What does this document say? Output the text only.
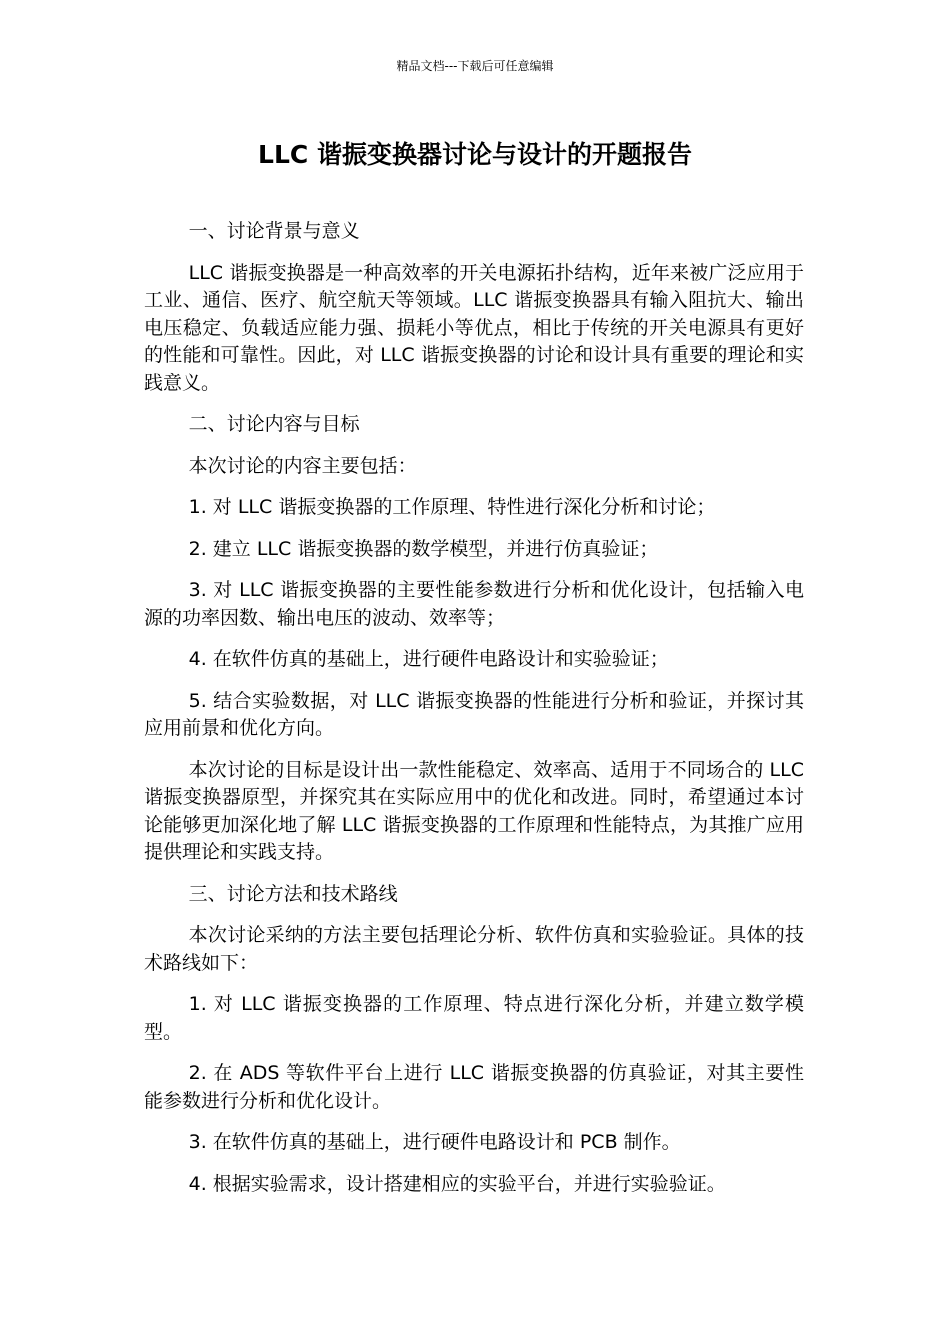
精品文档---下载后可任意编辑
LLC 谐振变换器讨论与设计的开题报告

一、讨论背景与意义

LLC 谐振变换器是一种高效率的开关电源拓扑结构，近年来被广泛应用于工业、通信、医疗、航空航天等领域。LLC 谐振变换器具有输入阻抗大、输出电压稳定、负载适应能力强、损耗小等优点，相比于传统的开关电源具有更好的性能和可靠性。因此，对 LLC 谐振变换器的讨论和设计具有重要的理论和实践意义。

二、讨论内容与目标

本次讨论的内容主要包括：

1. 对 LLC 谐振变换器的工作原理、特性进行深化分析和讨论；

2. 建立 LLC 谐振变换器的数学模型，并进行仿真验证；

3. 对 LLC 谐振变换器的主要性能参数进行分析和优化设计，包括输入电源的功率因数、输出电压的波动、效率等；

4. 在软件仿真的基础上，进行硬件电路设计和实验验证；

5. 结合实验数据，对 LLC 谐振变换器的性能进行分析和验证，并探讨其应用前景和优化方向。

本次讨论的目标是设计出一款性能稳定、效率高、适用于不同场合的 LLC 谐振变换器原型，并探究其在实际应用中的优化和改进。同时，希望通过本讨论能够更加深化地了解 LLC 谐振变换器的工作原理和性能特点，为其推广应用提供理论和实践支持。

三、讨论方法和技术路线

本次讨论采纳的方法主要包括理论分析、软件仿真和实验验证。具体的技术路线如下：

1. 对 LLC 谐振变换器的工作原理、特点进行深化分析，并建立数学模型。

2. 在 ADS 等软件平台上进行 LLC 谐振变换器的仿真验证，对其主要性能参数进行分析和优化设计。

3. 在软件仿真的基础上，进行硬件电路设计和 PCB 制作。

4. 根据实验需求，设计搭建相应的实验平台，并进行实验验证。
